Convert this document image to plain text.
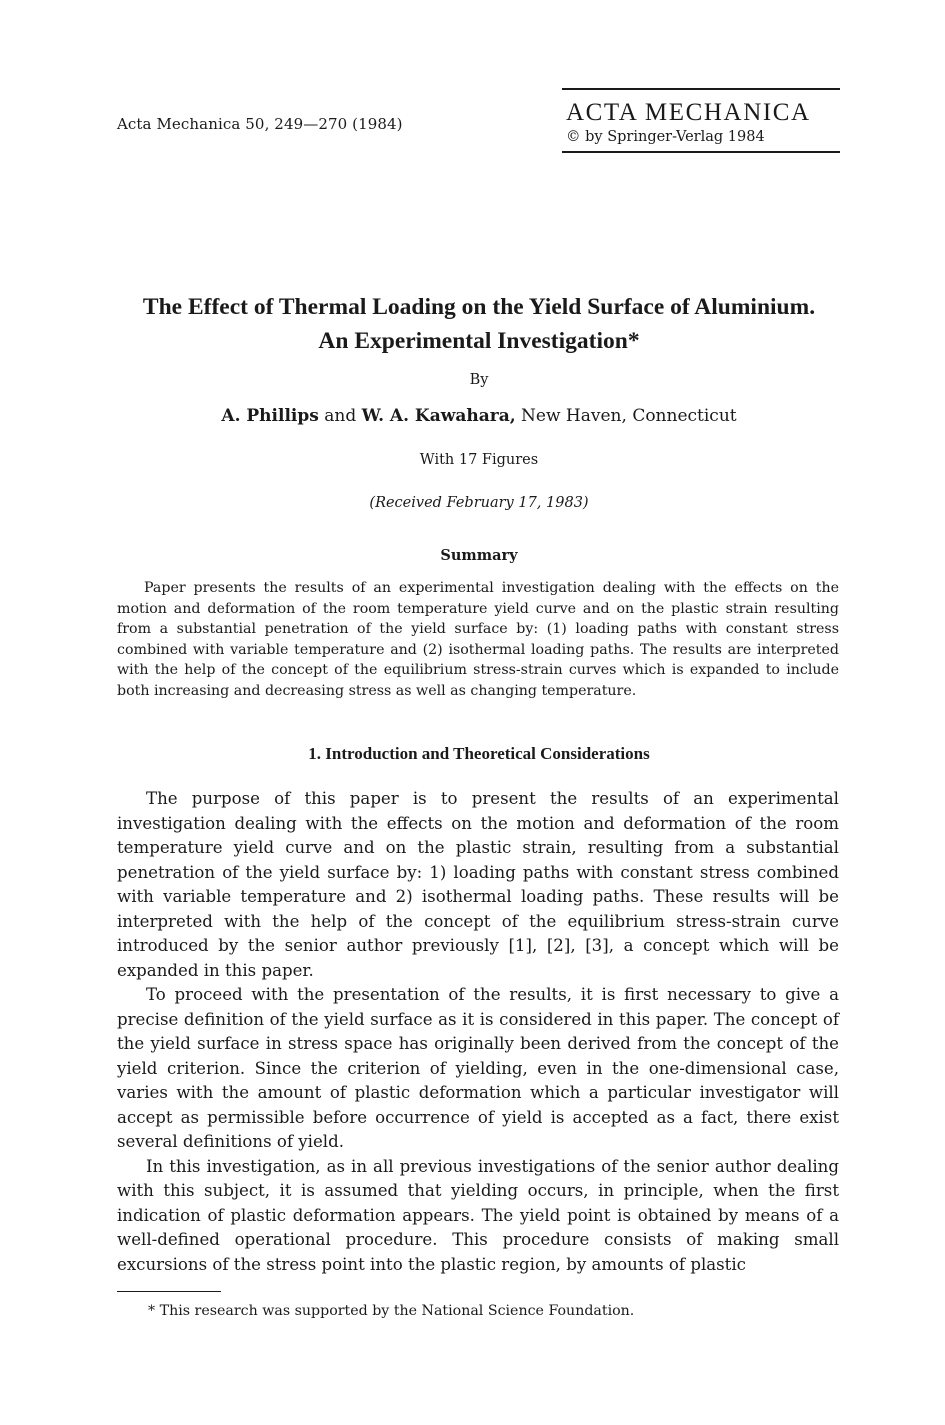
Acta Mechanica 50, 249—270 (1984)	ACTA MECHANICA
© by Springer-Verlag 1984
The Effect of Thermal Loading on the Yield Surface of Aluminium.
An Experimental Investigation*
By
A. Phillips and W. A. Kawahara, New Haven, Connecticut
With 17 Figures
(Received February 17, 1983)
Summary
Paper presents the results of an experimental investigation dealing with the effects on the motion and deformation of the room temperature yield curve and on the plastic strain resulting from a substantial penetration of the yield surface by: (1) loading paths with constant stress combined with variable temperature and (2) isothermal loading paths. The results are interpreted with the help of the concept of the equilibrium stress-strain curves which is expanded to include both increasing and decreasing stress as well as changing temperature.
1. Introduction and Theoretical Considerations

The purpose of this paper is to present the results of an experimental investigation dealing with the effects on the motion and deformation of the room temperature yield curve and on the plastic strain, resulting from a substantial penetration of the yield surface by: 1) loading paths with constant stress combined with variable temperature and 2) isothermal loading paths. These results will be interpreted with the help of the concept of the equilibrium stress-strain curve introduced by the senior author previously [1], [2], [3], a concept which will be expanded in this paper.

To proceed with the presentation of the results, it is first necessary to give a precise definition of the yield surface as it is considered in this paper. The concept of the yield surface in stress space has originally been derived from the concept of the yield criterion. Since the criterion of yielding, even in the one-dimensional case, varies with the amount of plastic deformation which a particular investigator will accept as permissible before occurrence of yield is accepted as a fact, there exist several definitions of yield.

In this investigation, as in all previous investigations of the senior author dealing with this subject, it is assumed that yielding occurs, in principle, when the first indication of plastic deformation appears. The yield point is obtained by means of a well-defined operational procedure. This procedure consists of making small excursions of the stress point into the plastic region, by amounts of plastic

* This research was supported by the National Science Foundation.
